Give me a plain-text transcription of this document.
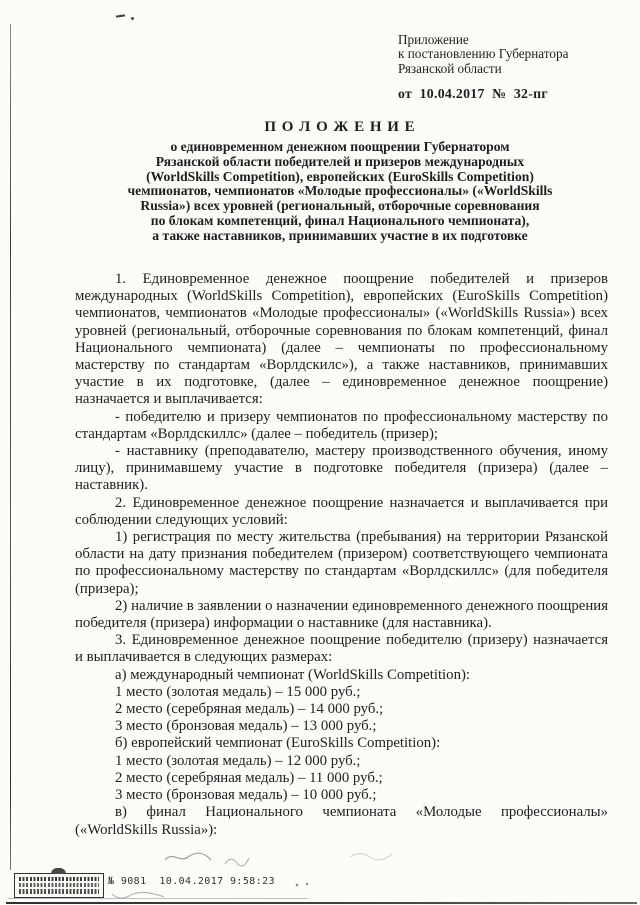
Приложение
к постановлению Губернатора
Рязанской области
от  10.04.2017  №  32-пг
П О Л О Ж Е Н И Е
о единовременном денежном поощрении Губернатором
Рязанской области победителей и призеров международных
(WorldSkills Competition), европейских (EuroSkills Competition)
чемпионатов, чемпионатов «Молодые профессионалы» («WorldSkills
Russia») всех уровней (региональный, отборочные соревнования
по блокам компетенций, финал Национального чемпионата),
а также наставников, принимавших участие в их подготовке

1. Единовременное денежное поощрение победителей и призеров международных (WorldSkills Competition), европейских (EuroSkills Competition) чемпионатов, чемпионатов «Молодые профессионалы» («WorldSkills Russia») всех уровней (региональный, отборочные соревнования по блокам компетенций, финал Национального чемпионата) (далее – чемпионаты по профессиональному мастерству по стандартам «Ворлдскилс»), а также наставников, принимавших участие в их подготовке, (далее – единовременное денежное поощрение) назначается и выплачивается:

- победителю и призеру чемпионатов по профессиональному мастерству по стандартам «Ворлдскиллс» (далее – победитель (призер);

- наставнику (преподавателю, мастеру производственного обучения, иному лицу), принимавшему участие в подготовке победителя (призера) (далее – наставник).

2. Единовременное денежное поощрение назначается и выплачивается при соблюдении следующих условий:

1) регистрация по месту жительства (пребывания) на территории Рязанской области на дату признания победителем (призером) соответствующего чемпионата по профессиональному мастерству по стандартам «Ворлдскиллс» (для победителя (призера);

2) наличие в заявлении о назначении единовременного денежного поощрения победителя (призера) информации о наставнике (для наставника).

3. Единовременное денежное поощрение победителю (призеру) назначается и выплачивается в следующих размерах:

а) международный чемпионат (WorldSkills Competition):

1 место (золотая медаль) – 15 000 руб.;

2 место (серебряная медаль) – 14 000 руб.;

3 место (бронзовая медаль) – 13 000 руб.;

б) европейский чемпионат (EuroSkills Competition):

1 место (золотая медаль) – 12 000 руб.;

2 место (серебряная медаль) – 11 000 руб.;

3 место (бронзовая медаль) – 10 000 руб.;

в) финал Национального чемпионата «Молодые профессионалы» («WorldSkills Russia»):

№ 9081  10.04.2017 9:58:23
